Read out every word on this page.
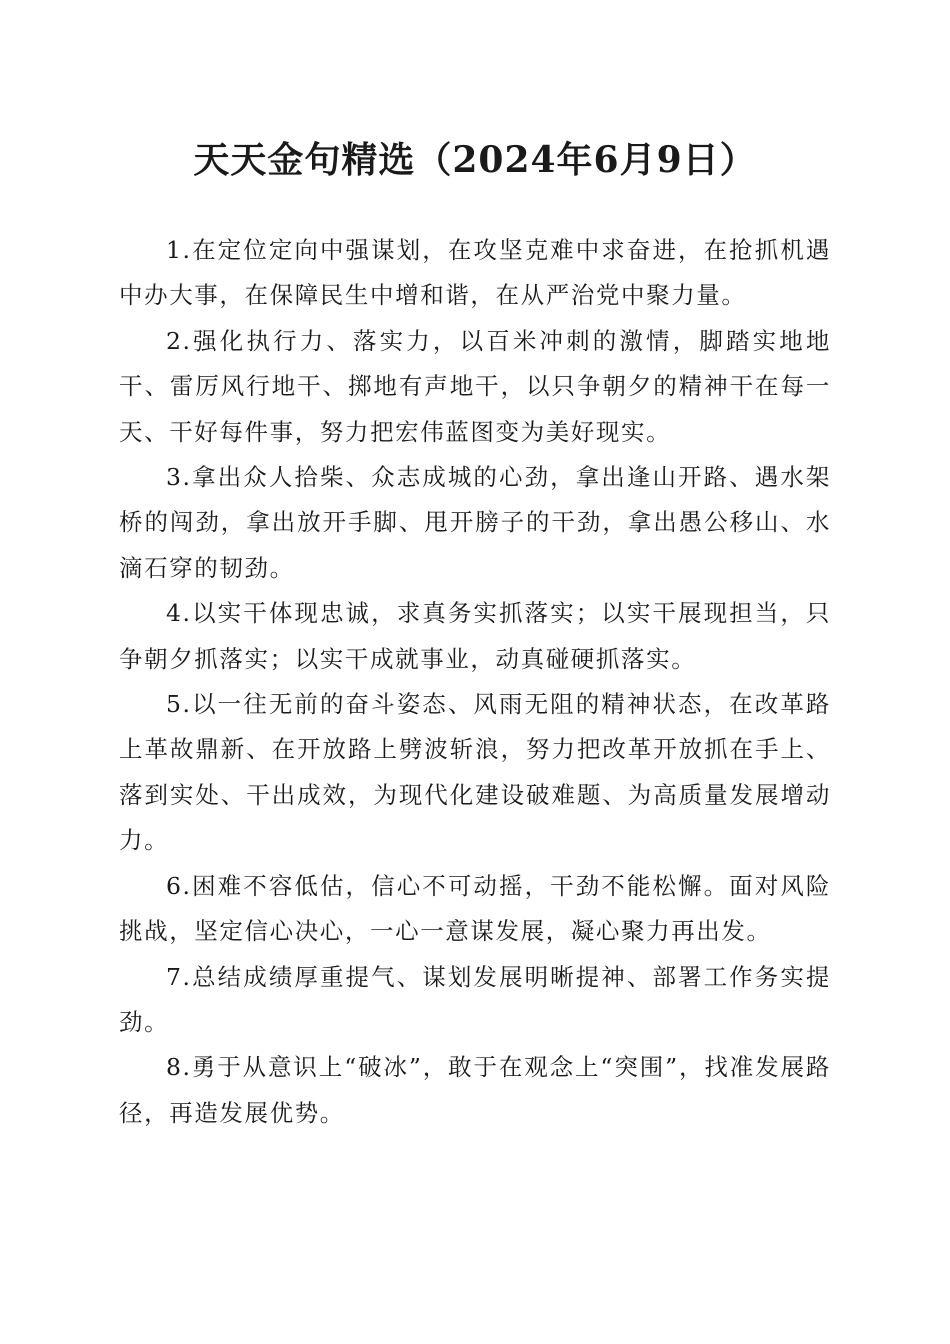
天天金句精选（2024年6月9日）

1.在定位定向中强谋划，在攻坚克难中求奋进，在抢抓机遇中办大事，在保障民生中增和谐，在从严治党中聚力量。

2.强化执行力、落实力，以百米冲刺的激情，脚踏实地地干、雷厉风行地干、掷地有声地干，以只争朝夕的精神干在每一天、干好每件事，努力把宏伟蓝图变为美好现实。

3.拿出众人拾柴、众志成城的心劲，拿出逢山开路、遇水架桥的闯劲，拿出放开手脚、甩开膀子的干劲，拿出愚公移山、水滴石穿的韧劲。

4.以实干体现忠诚，求真务实抓落实；以实干展现担当，只争朝夕抓落实；以实干成就事业，动真碰硬抓落实。

5.以一往无前的奋斗姿态、风雨无阻的精神状态，在改革路上革故鼎新、在开放路上劈波斩浪，努力把改革开放抓在手上、落到实处、干出成效，为现代化建设破难题、为高质量发展增动力。

6.困难不容低估，信心不可动摇，干劲不能松懈。面对风险挑战，坚定信心决心，一心一意谋发展，凝心聚力再出发。

7.总结成绩厚重提气、谋划发展明晰提神、部署工作务实提劲。

8.勇于从意识上“破冰”，敢于在观念上“突围”，找准发展路径，再造发展优势。
